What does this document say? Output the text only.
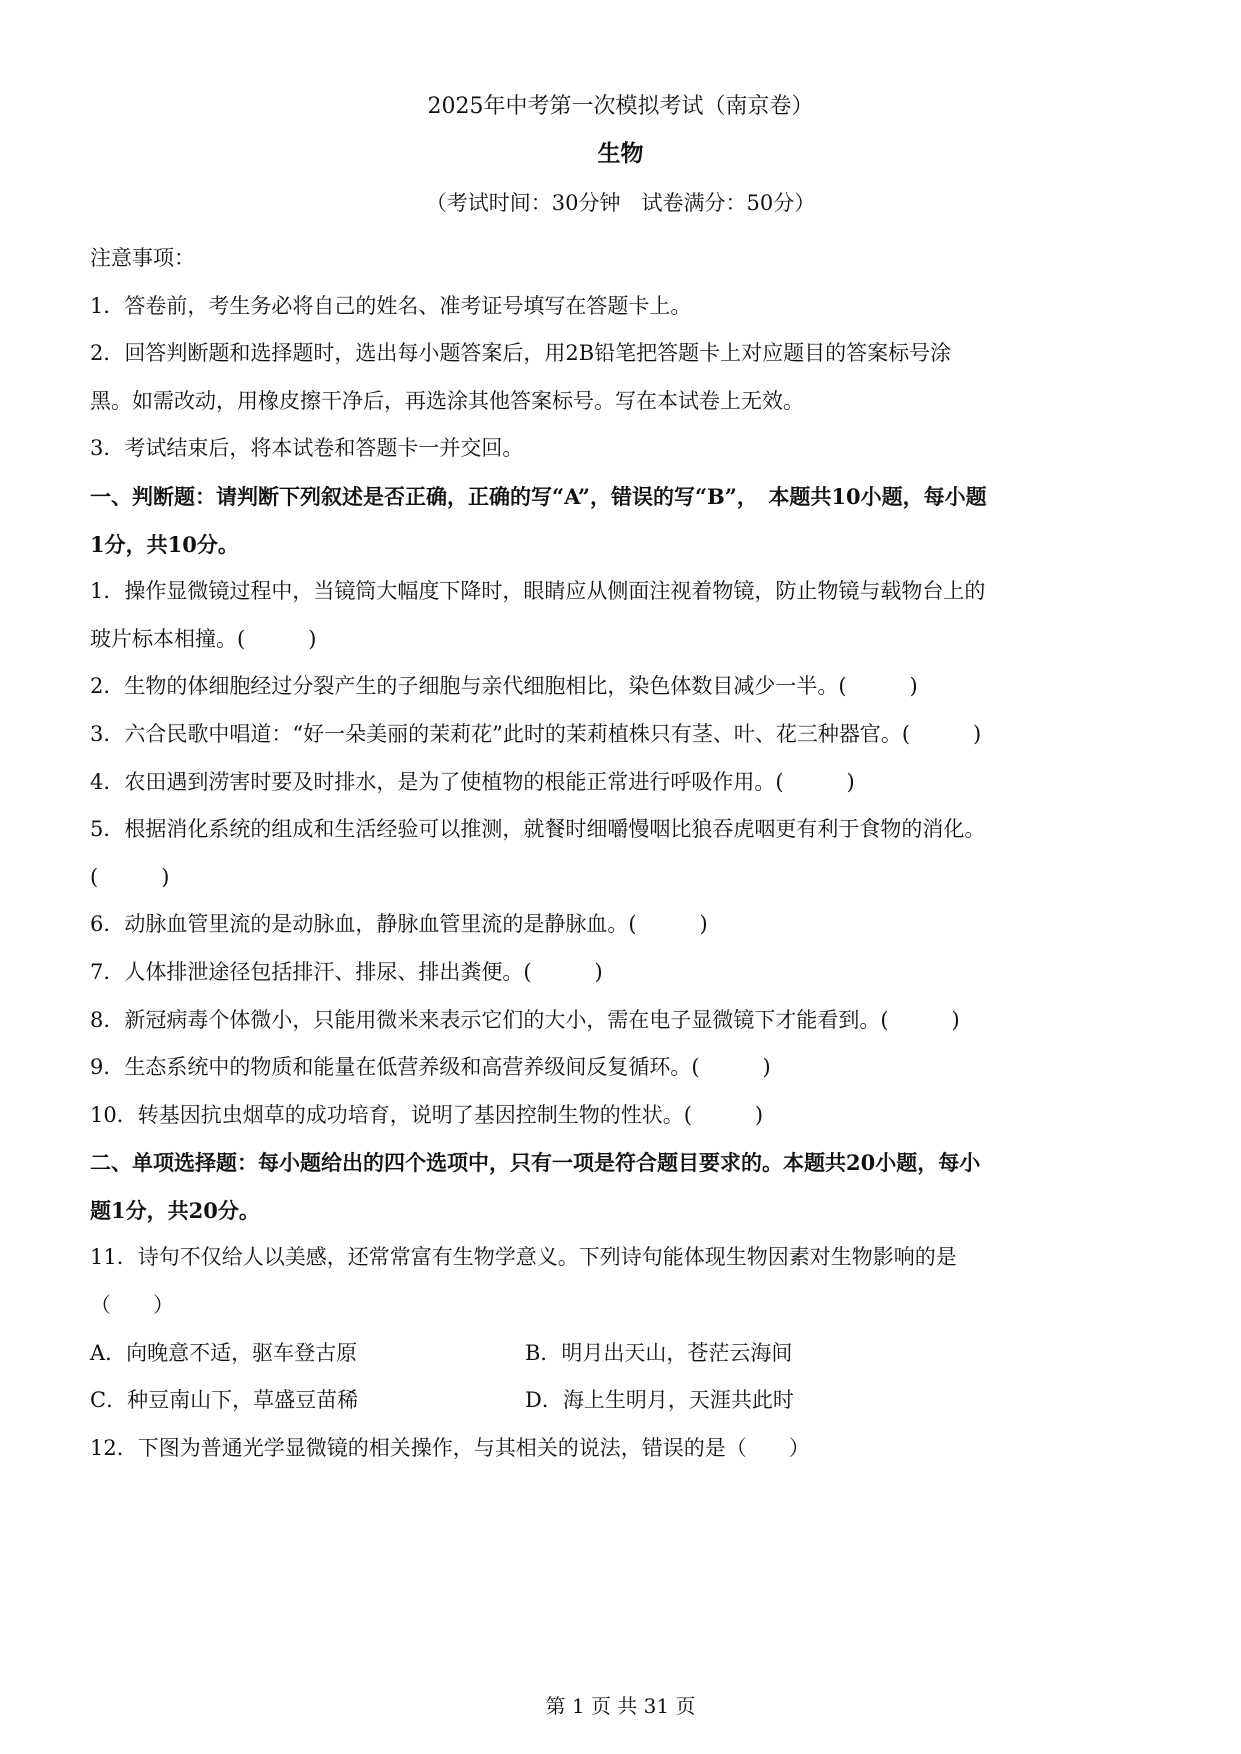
2025年中考第一次模拟考试（南京卷）
生物
（考试时间：30分钟　试卷满分：50分）
注意事项：
1．答卷前，考生务必将自己的姓名、准考证号填写在答题卡上。
2．回答判断题和选择题时，选出每小题答案后，用2B铅笔把答题卡上对应题目的答案标号涂
黑。如需改动，用橡皮擦干净后，再选涂其他答案标号。写在本试卷上无效。
3．考试结束后，将本试卷和答题卡一并交回。
一、判断题：请判断下列叙述是否正确，正确的写“A”，错误的写“B”，　本题共10小题，每小题
1分，共10分。
1．操作显微镜过程中，当镜筒大幅度下降时，眼睛应从侧面注视着物镜，防止物镜与载物台上的
玻片标本相撞。(　　　)
2．生物的体细胞经过分裂产生的子细胞与亲代细胞相比，染色体数目减少一半。(　　　)
3．六合民歌中唱道：“好一朵美丽的茉莉花”此时的茉莉植株只有茎、叶、花三种器官。(　　　)
4．农田遇到涝害时要及时排水，是为了使植物的根能正常进行呼吸作用。(　　　)
5．根据消化系统的组成和生活经验可以推测，就餐时细嚼慢咽比狼吞虎咽更有利于食物的消化。
(　　　)
6．动脉血管里流的是动脉血，静脉血管里流的是静脉血。(　　　)
7．人体排泄途径包括排汗、排尿、排出粪便。(　　　)
8．新冠病毒个体微小，只能用微米来表示它们的大小，需在电子显微镜下才能看到。(　　　)
9．生态系统中的物质和能量在低营养级和高营养级间反复循环。(　　　)
10．转基因抗虫烟草的成功培育，说明了基因控制生物的性状。(　　　)
二、单项选择题：每小题给出的四个选项中，只有一项是符合题目要求的。本题共20小题，每小
题1分，共20分。
11．诗句不仅给人以美感，还常常富有生物学意义。下列诗句能体现生物因素对生物影响的是
（　　）
A．向晚意不适，驱车登古原	B．明月出天山，苍茫云海间
C．种豆南山下，草盛豆苗稀	D．海上生明月，天涯共此时
12．下图为普通光学显微镜的相关操作，与其相关的说法，错误的是（　　）
第 1 页 共 31 页
